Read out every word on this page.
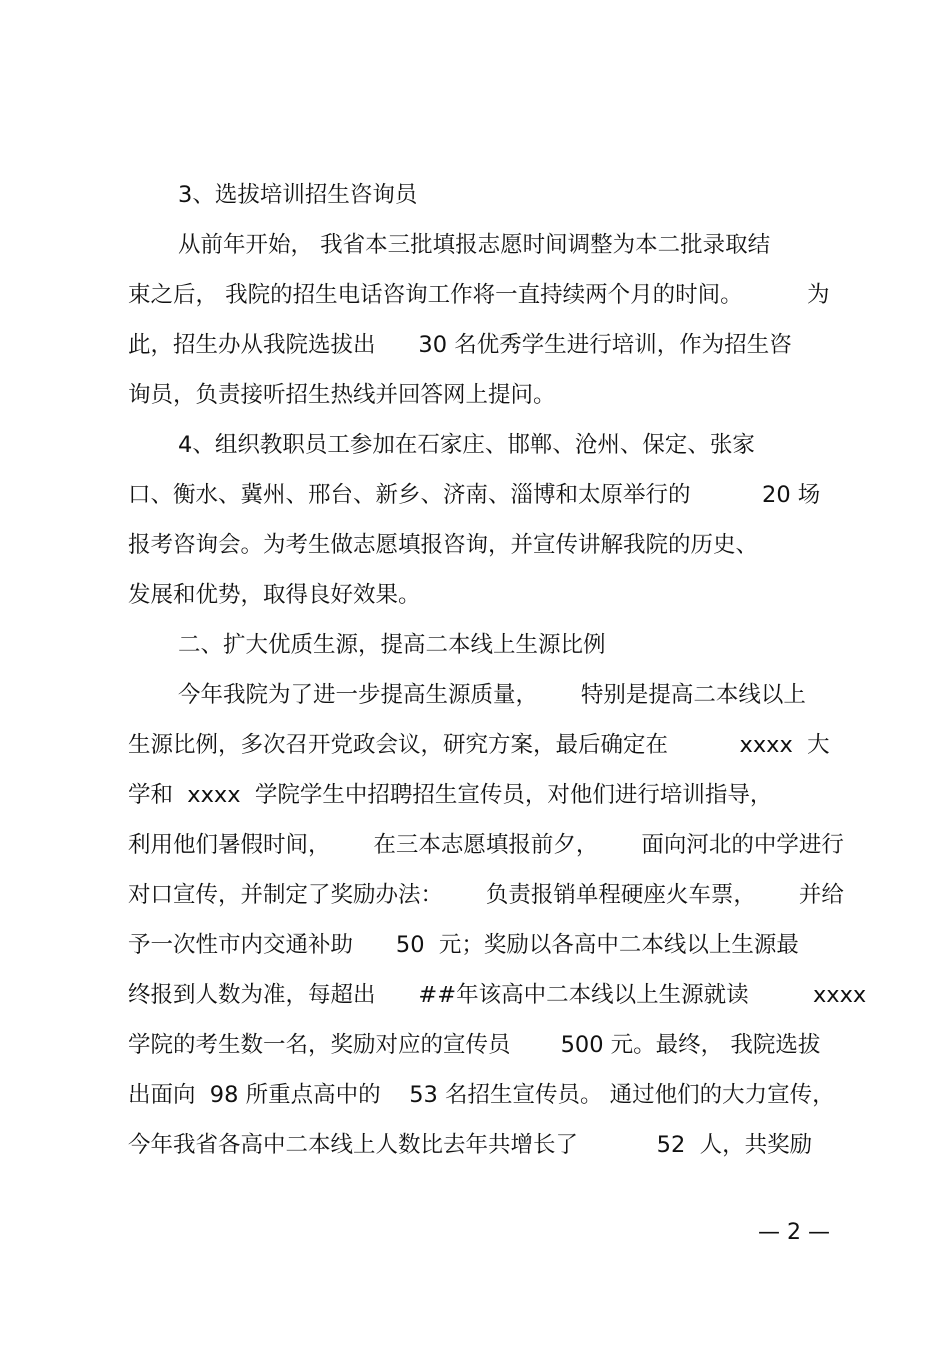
3、选拔培训招生咨询员
从前年开始， 我省本三批填报志愿时间调整为本二批录取结
束之后， 我院的招生电话咨询工作将一直持续两个月的时间。         为
此，招生办从我院选拔出      30 名优秀学生进行培训，作为招生咨
询员，负责接听招生热线并回答网上提问。
4、组织教职员工参加在石家庄、邯郸、沧州、保定、张家
口、衡水、冀州、邢台、新乡、济南、淄博和太原举行的          20 场
报考咨询会。为考生做志愿填报咨询，并宣传讲解我院的历史、
发展和优势，取得良好效果。
二、扩大优质生源，提高二本线上生源比例
今年我院为了进一步提高生源质量，      特别是提高二本线以上
生源比例，多次召开党政会议，研究方案，最后确定在          xxxx  大
学和  xxxx  学院学生中招聘招生宣传员，对他们进行培训指导，
利用他们暑假时间，      在三本志愿填报前夕，      面向河北的中学进行
对口宣传，并制定了奖励办法：      负责报销单程硬座火车票，      并给
予一次性市内交通补助      50  元；奖励以各高中二本线以上生源最
终报到人数为准，每超出      ##年该高中二本线以上生源就读         xxxx
学院的考生数一名，奖励对应的宣传员       500 元。最终， 我院选拔
出面向  98 所重点高中的    53 名招生宣传员。 通过他们的大力宣传，
今年我省各高中二本线上人数比去年共增长了           52  人，共奖励
— 2 —
